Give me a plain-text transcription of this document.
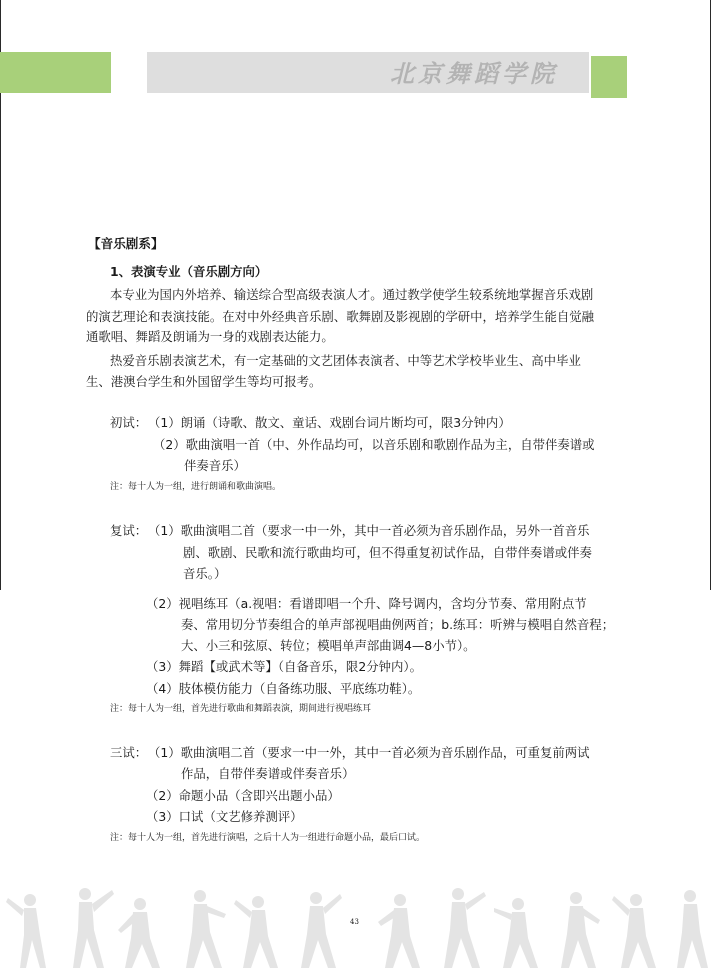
北京舞蹈学院
【音乐剧系】
1、表演专业（音乐剧方向）
本专业为国内外培养、输送综合型高级表演人才。通过教学使学生较系统地掌握音乐戏剧
的演艺理论和表演技能。在对中外经典音乐剧、歌舞剧及影视剧的学研中，培养学生能自觉融
通歌唱、舞蹈及朗诵为一身的戏剧表达能力。
热爱音乐剧表演艺术，有一定基础的文艺团体表演者、中等艺术学校毕业生、高中毕业
生、港澳台学生和外国留学生等均可报考。
初试： （1）朗诵（诗歌、散文、童话、戏剧台词片断均可，限3分钟内）
（2）歌曲演唱一首（中、外作品均可，以音乐剧和歌剧作品为主，自带伴奏谱或
伴奏音乐）
注：每十人为一组，进行朗诵和歌曲演唱。
复试： （1）歌曲演唱二首（要求一中一外，其中一首必须为音乐剧作品，另外一首音乐
剧、歌剧、民歌和流行歌曲均可，但不得重复初试作品，自带伴奏谱或伴奏
音乐。）
（2）视唱练耳（a.视唱：看谱即唱一个升、降号调内，含均分节奏、常用附点节
奏、常用切分节奏组合的单声部视唱曲例两首；b.练耳：听辨与模唱自然音程；
大、小三和弦原、转位；模唱单声部曲调4—8小节）。
（3）舞蹈【或武术等】（自备音乐，限2分钟内）。
（4）肢体模仿能力（自备练功服、平底练功鞋）。
注：每十人为一组，首先进行歌曲和舞蹈表演，期间进行视唱练耳
三试： （1）歌曲演唱二首（要求一中一外，其中一首必须为音乐剧作品，可重复前两试
作品，自带伴奏谱或伴奏音乐）
（2）命题小品（含即兴出题小品）
（3）口试（文艺修养测评）
注：每十人为一组，首先进行演唱，之后十人为一组进行命题小品，最后口试。
43
